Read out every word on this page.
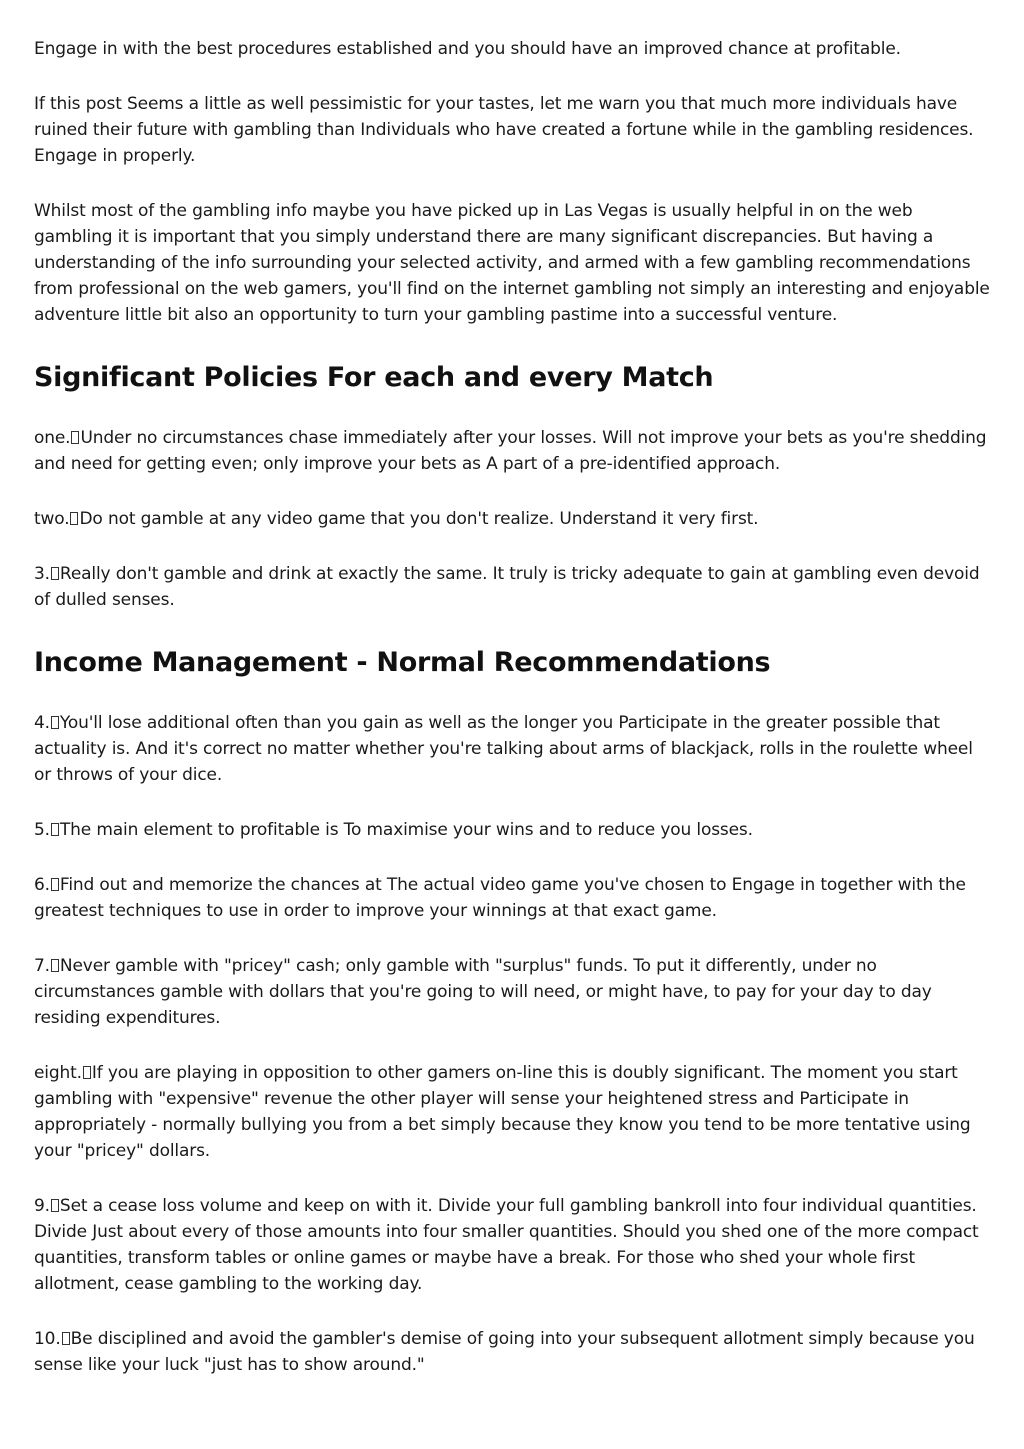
Engage in with the best procedures established and you should have an improved chance at profitable.

If this post Seems a little as well pessimistic for your tastes, let me warn you that much more individuals have ruined their future with gambling than Individuals who have created a fortune while in the gambling residences. Engage in properly.

Whilst most of the gambling info maybe you have picked up in Las Vegas is usually helpful in on the web gambling it is important that you simply understand there are many significant discrepancies. But having a understanding of the info surrounding your selected activity, and armed with a few gambling recommendations from professional on the web gamers, you'll find on the internet gambling not simply an interesting and enjoyable adventure little bit also an opportunity to turn your gambling pastime into a successful venture.

Significant Policies For each and every Match

one. Under no circumstances chase immediately after your losses. Will not improve your bets as you're shedding and need for getting even; only improve your bets as A part of a pre-identified approach.

two. Do not gamble at any video game that you don't realize. Understand it very first.

3. Really don't gamble and drink at exactly the same. It truly is tricky adequate to gain at gambling even devoid of dulled senses.

Income Management - Normal Recommendations

4. You'll lose additional often than you gain as well as the longer you Participate in the greater possible that actuality is. And it's correct no matter whether you're talking about arms of blackjack, rolls in the roulette wheel or throws of your dice.

5. The main element to profitable is To maximise your wins and to reduce you losses.

6. Find out and memorize the chances at The actual video game you've chosen to Engage in together with the greatest techniques to use in order to improve your winnings at that exact game.

7. Never gamble with "pricey" cash; only gamble with "surplus" funds. To put it differently, under no circumstances gamble with dollars that you're going to will need, or might have, to pay for your day to day residing expenditures.

eight. If you are playing in opposition to other gamers on-line this is doubly significant. The moment you start gambling with "expensive" revenue the other player will sense your heightened stress and Participate in appropriately - normally bullying you from a bet simply because they know you tend to be more tentative using your "pricey" dollars.

9. Set a cease loss volume and keep on with it. Divide your full gambling bankroll into four individual quantities. Divide Just about every of those amounts into four smaller quantities. Should you shed one of the more compact quantities, transform tables or online games or maybe have a break. For those who shed your whole first allotment, cease gambling to the working day.

10. Be disciplined and avoid the gambler's demise of going into your subsequent allotment simply because you sense like your luck "just has to show around."
